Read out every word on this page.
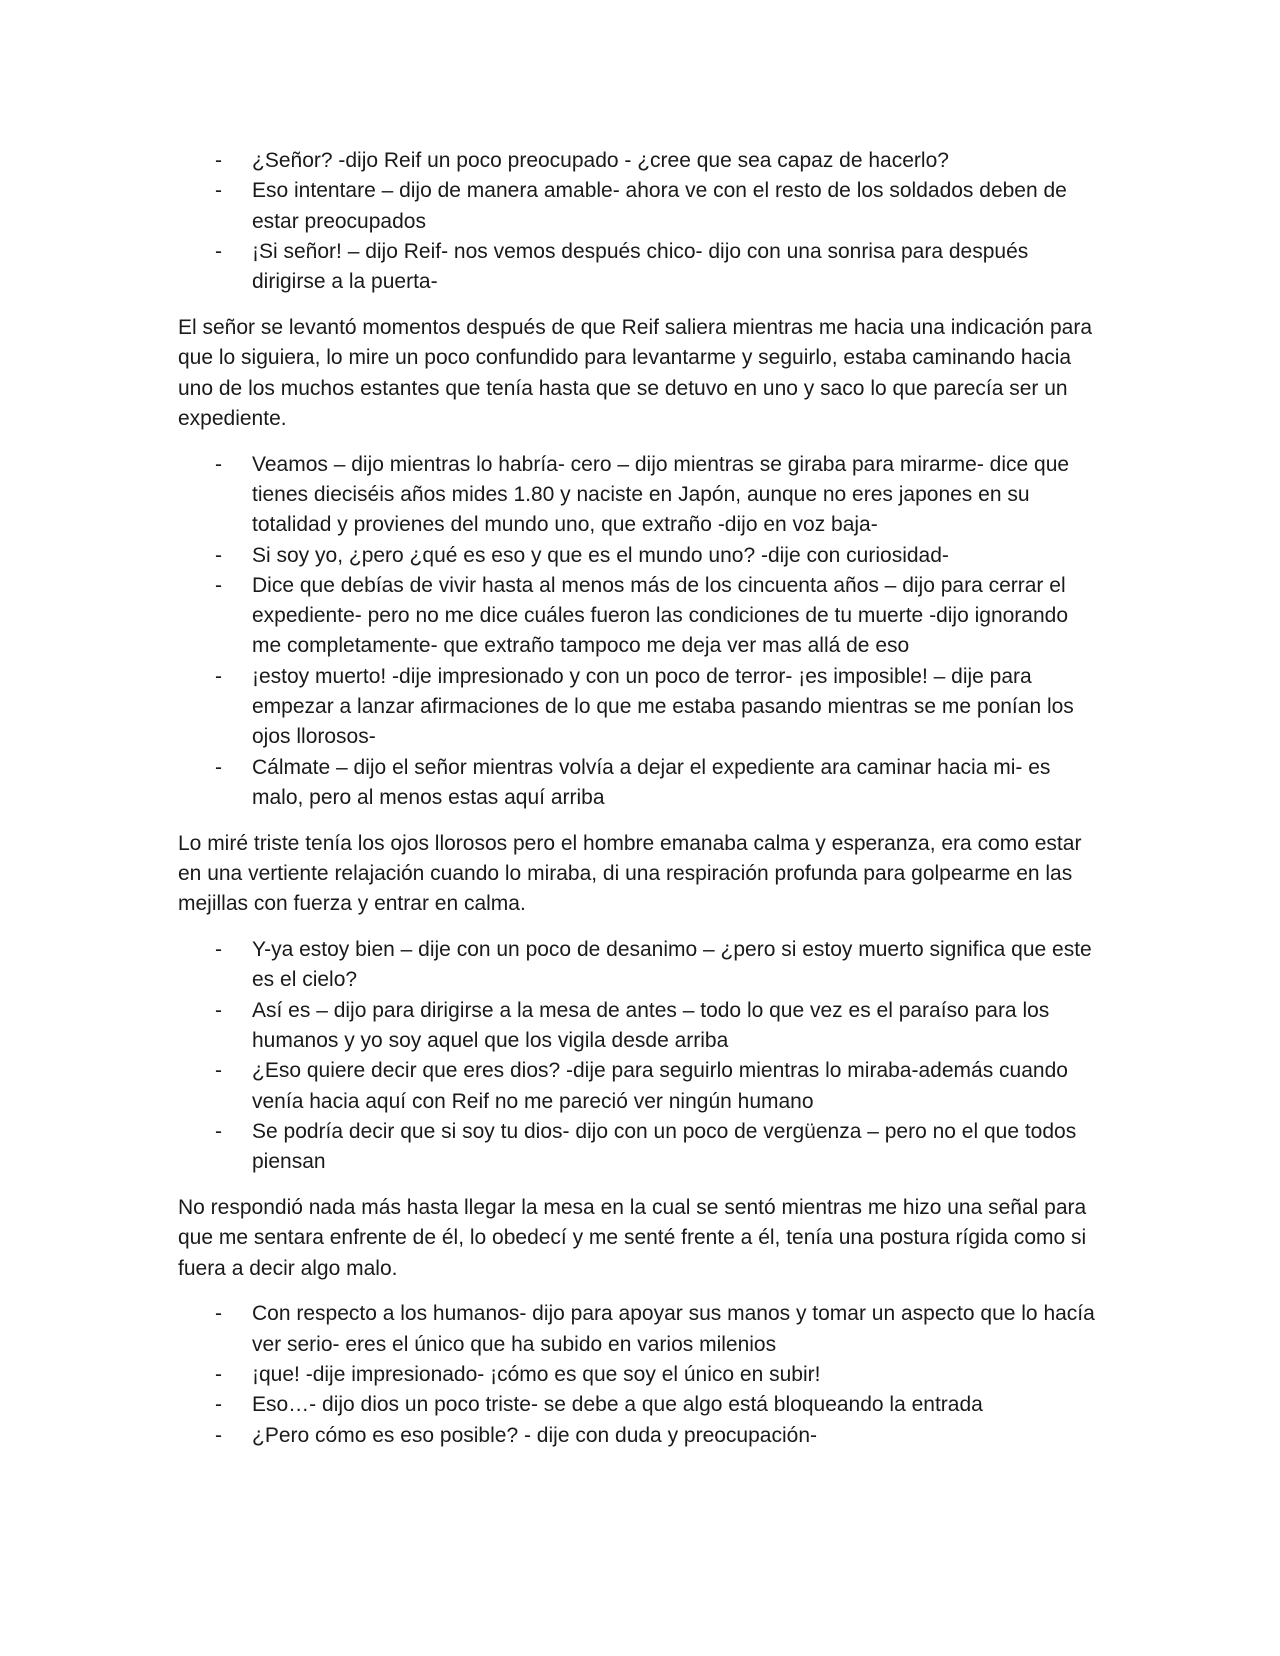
- ¿Señor? -dijo Reif un poco preocupado - ¿cree que sea capaz de hacerlo?
- Eso intentare – dijo de manera amable- ahora ve con el resto de los soldados deben de estar preocupados
- ¡Si señor! – dijo Reif- nos vemos después chico- dijo con una sonrisa para después dirigirse a la puerta-

El señor se levantó momentos después de que Reif saliera mientras me hacia una indicación para que lo siguiera, lo mire un poco confundido para levantarme y seguirlo, estaba caminando hacia uno de los muchos estantes que tenía hasta que se detuvo en uno y saco lo que parecía ser un expediente.

- Veamos – dijo mientras lo habría- cero – dijo mientras se giraba para mirarme- dice que tienes dieciséis años mides 1.80 y naciste en Japón, aunque no eres japones en su totalidad y provienes del mundo uno, que extraño -dijo en voz baja-
- Si soy yo, ¿pero ¿qué es eso y que es el mundo uno? -dije con curiosidad-
- Dice que debías de vivir hasta al menos más de los cincuenta años – dijo para cerrar el expediente- pero no me dice cuáles fueron las condiciones de tu muerte -dijo ignorando me completamente- que extraño tampoco me deja ver mas allá de eso
- ¡estoy muerto! -dije impresionado y con un poco de terror- ¡es imposible! – dije para empezar a lanzar afirmaciones de lo que me estaba pasando mientras se me ponían los ojos llorosos-
- Cálmate – dijo el señor mientras volvía a dejar el expediente ara caminar hacia mi- es malo, pero al menos estas aquí arriba

Lo miré triste tenía los ojos llorosos pero el hombre emanaba calma y esperanza, era como estar en una vertiente relajación cuando lo miraba, di una respiración profunda para golpearme en las mejillas con fuerza y entrar en calma.

- Y-ya estoy bien – dije con un poco de desanimo – ¿pero si estoy muerto significa que este es el cielo?
- Así es – dijo para dirigirse a la mesa de antes – todo lo que vez es el paraíso para los humanos y yo soy aquel que los vigila desde arriba
- ¿Eso quiere decir que eres dios? -dije para seguirlo mientras lo miraba-además cuando venía hacia aquí con Reif no me pareció ver ningún humano
- Se podría decir que si soy tu dios- dijo con un poco de vergüenza – pero no el que todos piensan

No respondió nada más hasta llegar la mesa en la cual se sentó mientras me hizo una señal para que me sentara enfrente de él, lo obedecí y me senté frente a él, tenía una postura rígida como si fuera a decir algo malo.

- Con respecto a los humanos- dijo para apoyar sus manos y tomar un aspecto que lo hacía ver serio- eres el único que ha subido en varios milenios
- ¡que! -dije impresionado- ¡cómo es que soy el único en subir!
- Eso…- dijo dios un poco triste- se debe a que algo está bloqueando la entrada
- ¿Pero cómo es eso posible? - dije con duda y preocupación-
